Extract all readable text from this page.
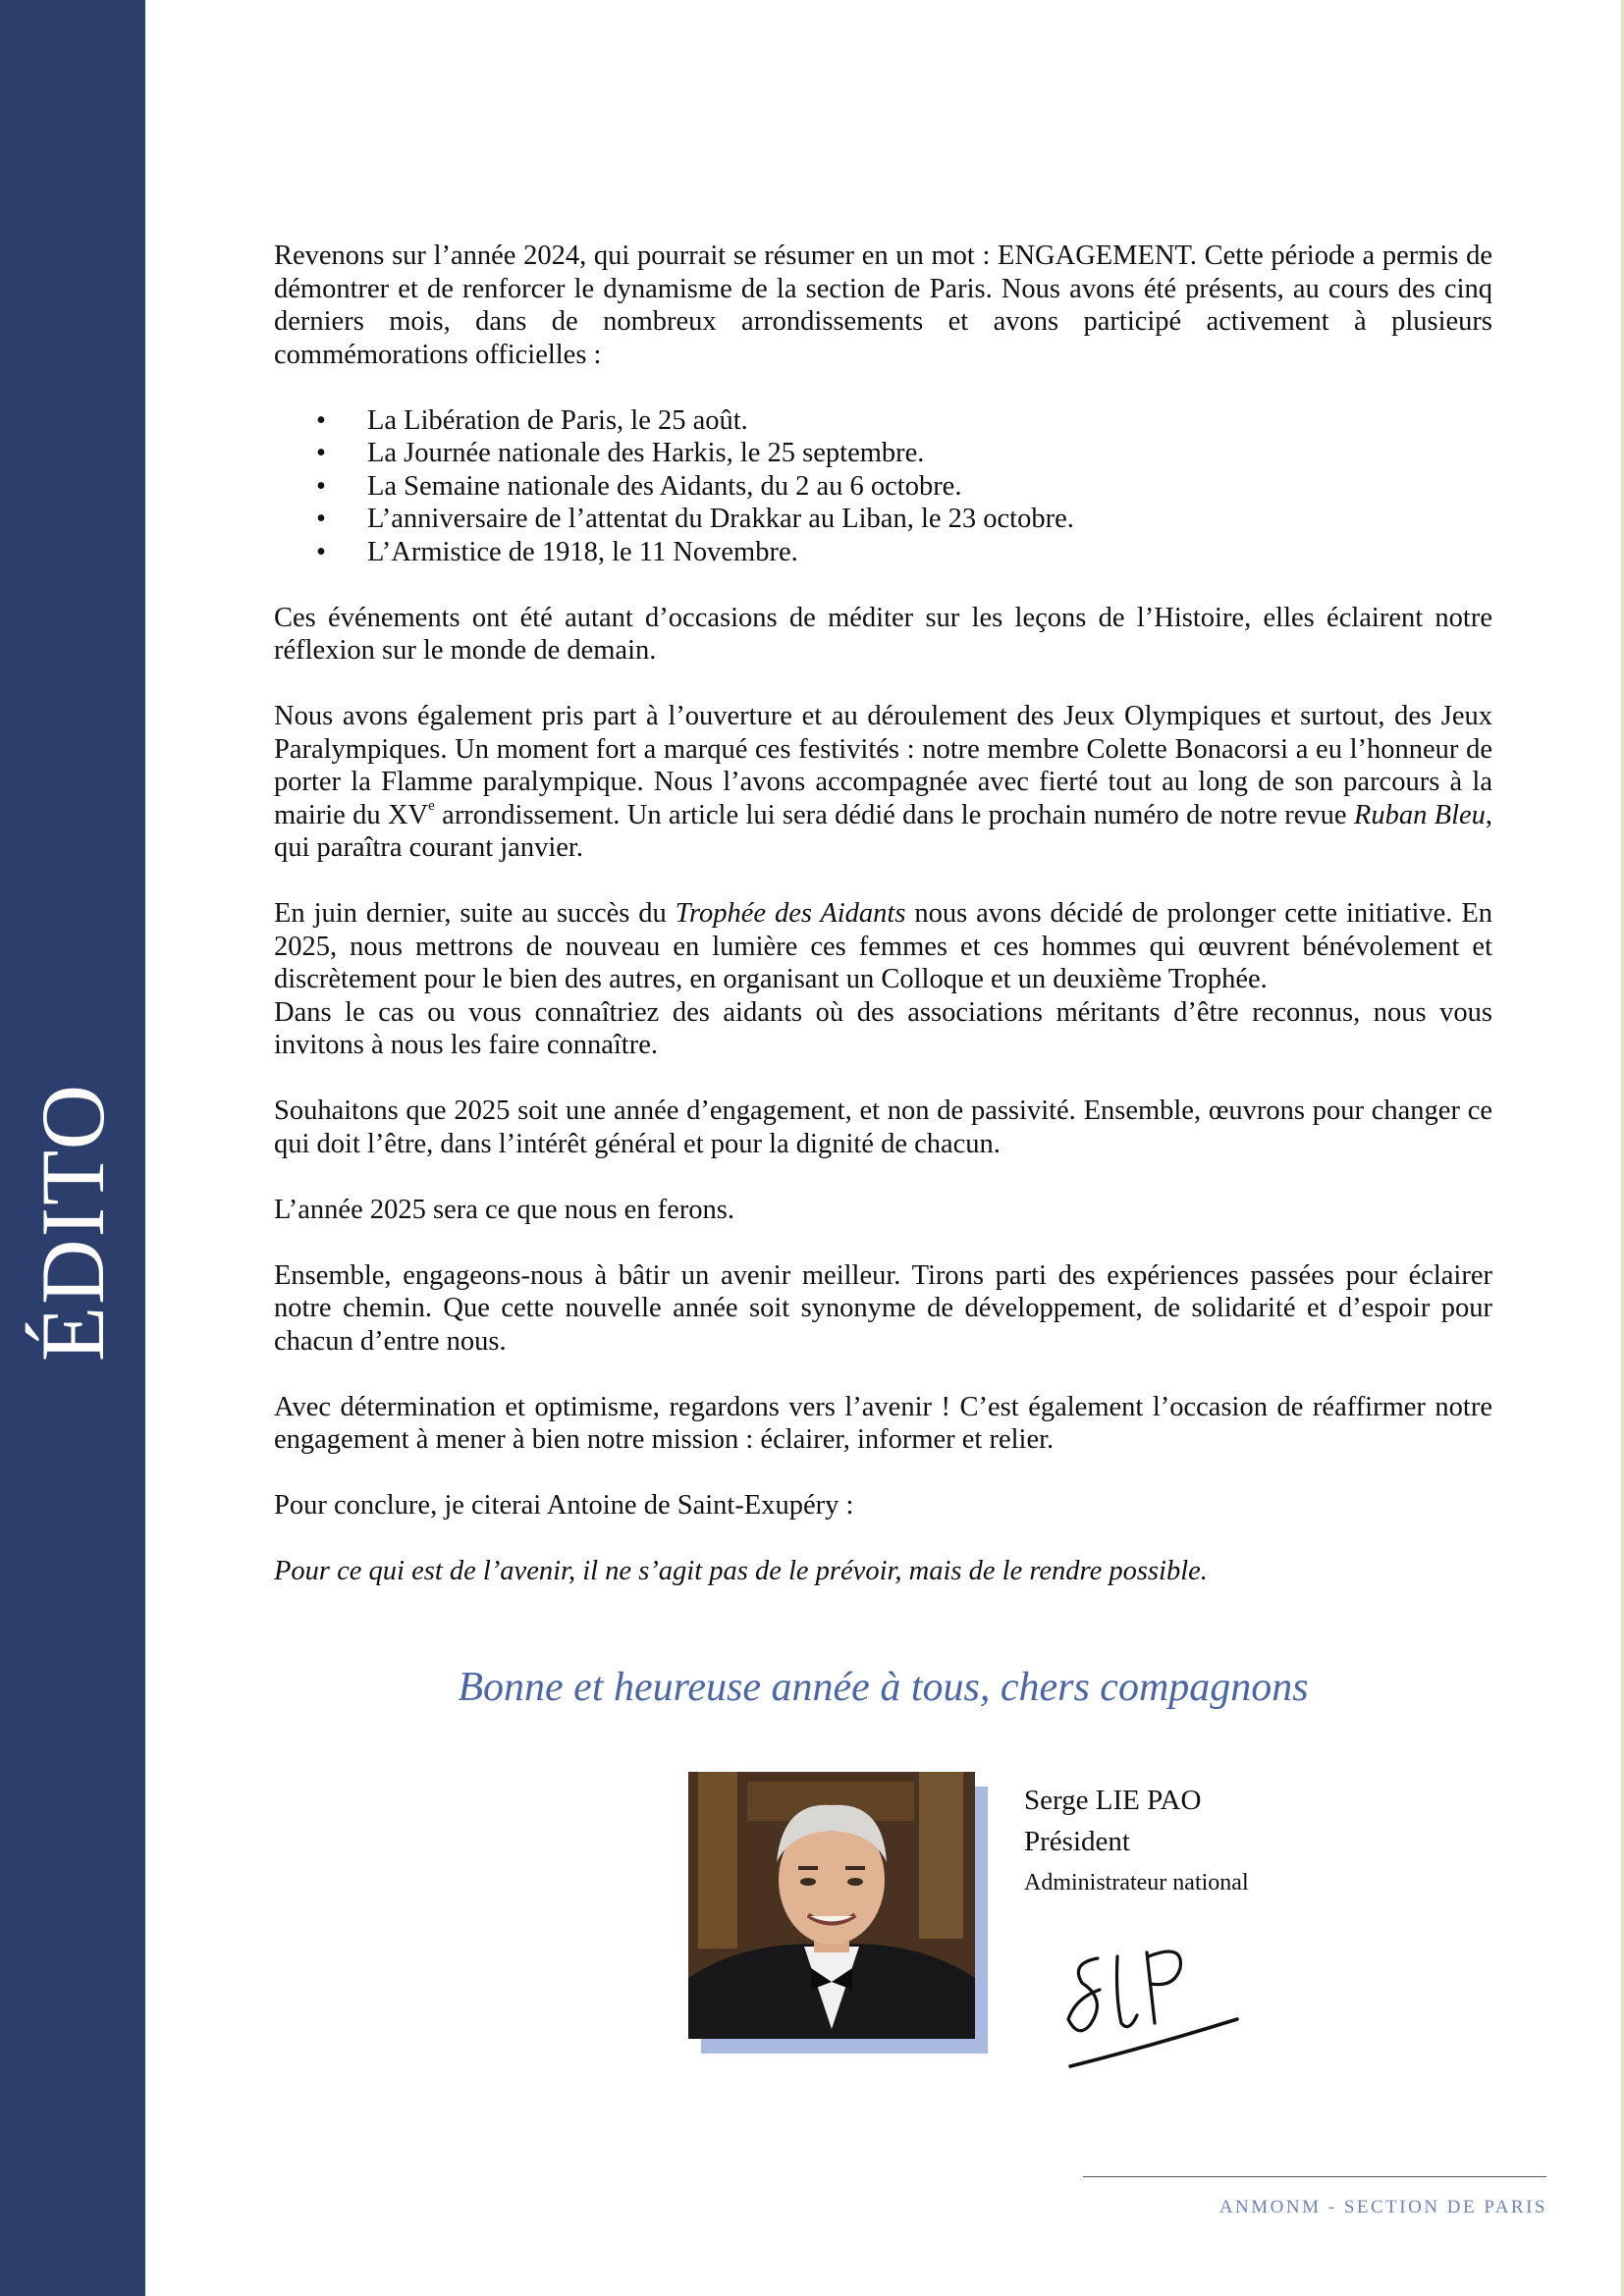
ÉDITO

Revenons sur l’année 2024, qui pourrait se résumer en un mot : ENGAGEMENT. Cette période a permis de démontrer et de renforcer le dynamisme de la section de Paris. Nous avons été présents, au cours des cinq derniers mois, dans de nombreux arrondissements et avons participé activement à plusieurs commémorations officielles :

• La Libération de Paris, le 25 août.
• La Journée nationale des Harkis, le 25 septembre.
• La Semaine nationale des Aidants, du 2 au 6 octobre.
• L’anniversaire de l’attentat du Drakkar au Liban, le 23 octobre.
• L’Armistice de 1918, le 11 Novembre.

Ces événements ont été autant d’occasions de méditer sur les leçons de l’Histoire, elles éclairent notre réflexion sur le monde de demain.

Nous avons également pris part à l’ouverture et au déroulement des Jeux Olympiques et surtout, des Jeux Paralympiques. Un moment fort a marqué ces festivités : notre membre Colette Bonacorsi a eu l’honneur de porter la Flamme paralympique. Nous l’avons accompagnée avec fierté tout au long de son parcours à la mairie du XVe arrondissement. Un article lui sera dédié dans le prochain numéro de notre revue Ruban Bleu, qui paraîtra courant janvier.

En juin dernier, suite au succès du Trophée des Aidants nous avons décidé de prolonger cette initiative. En 2025, nous mettrons de nouveau en lumière ces femmes et ces hommes qui œuvrent bénévolement et discrètement pour le bien des autres, en organisant un Colloque et un deuxième Trophée.

Dans le cas ou vous connaîtriez des aidants où des associations méritants d’être reconnus, nous vous invitons à nous les faire connaître.

Souhaitons que 2025 soit une année d’engagement, et non de passivité. Ensemble, œuvrons pour changer ce qui doit l’être, dans l’intérêt général et pour la dignité de chacun.

L’année 2025 sera ce que nous en ferons.

Ensemble, engageons-nous à bâtir un avenir meilleur. Tirons parti des expériences passées pour éclairer notre chemin. Que cette nouvelle année soit synonyme de développement, de solidarité et d’espoir pour chacun d’entre nous.

Avec détermination et optimisme, regardons vers l’avenir ! C’est également l’occasion de réaffirmer notre engagement à mener à bien notre mission : éclairer, informer et relier.

Pour conclure, je citerai Antoine de Saint-Exupéry :

Pour ce qui est de l’avenir, il ne s’agit pas de le prévoir, mais de le rendre possible.

Bonne et heureuse année à tous, chers compagnons
Serge LIE PAO
Président
Administrateur national
ANMONM - SECTION DE PARIS
